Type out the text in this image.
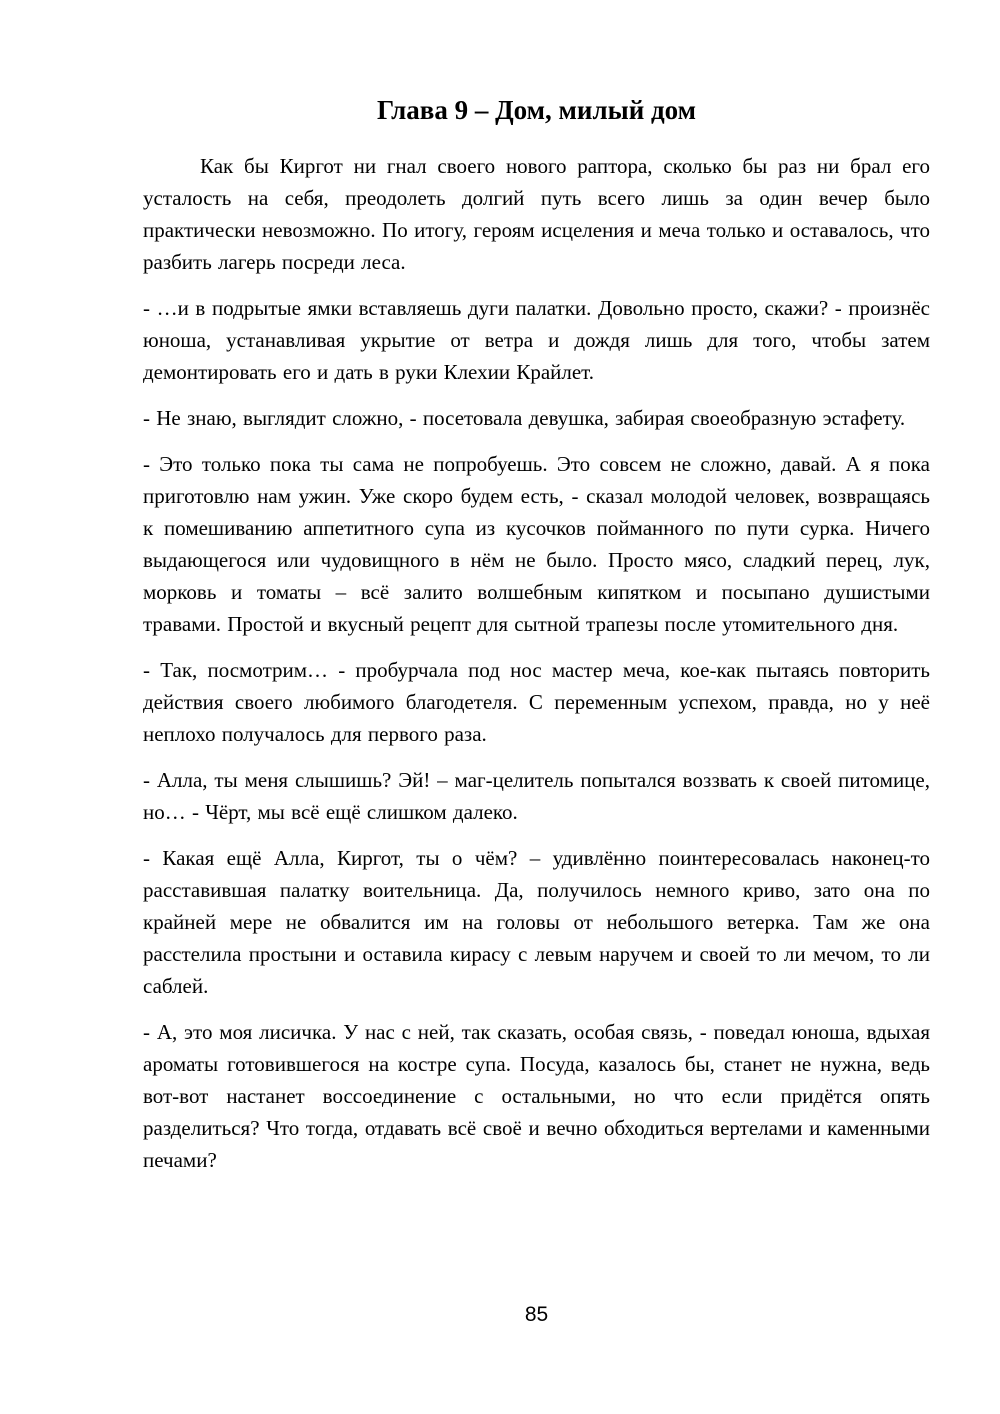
Глава 9 – Дом, милый дом

Как бы Киргот ни гнал своего нового раптора, сколько бы раз ни брал его усталость на себя, преодолеть долгий путь всего лишь за один вечер было практически невозможно. По итогу, героям исцеления и меча только и оставалось, что разбить лагерь посреди леса.

- …и в подрытые ямки вставляешь дуги палатки. Довольно просто, скажи? - произнёс юноша, устанавливая укрытие от ветра и дождя лишь для того, чтобы затем демонтировать его и дать в руки Клехии Крайлет.

- Не знаю, выглядит сложно, - посетовала девушка, забирая своеобразную эстафету.

- Это только пока ты сама не попробуешь. Это совсем не сложно, давай. А я пока приготовлю нам ужин. Уже скоро будем есть, - сказал молодой человек, возвращаясь к помешиванию аппетитного супа из кусочков пойманного по пути сурка. Ничего выдающегося или чудовищного в нём не было. Просто мясо, сладкий перец, лук, морковь и томаты – всё залито волшебным кипятком и посыпано душистыми травами. Простой и вкусный рецепт для сытной трапезы после утомительного дня.

- Так, посмотрим… - пробурчала под нос мастер меча, кое-как пытаясь повторить действия своего любимого благодетеля. С переменным успехом, правда, но у неё неплохо получалось для первого раза.

- Алла, ты меня слышишь? Эй! – маг-целитель попытался воззвать к своей питомице, но… - Чёрт, мы всё ещё слишком далеко.

- Какая ещё Алла, Киргот, ты о чём? – удивлённо поинтересовалась наконец-то расставившая палатку воительница. Да, получилось немного криво, зато она по крайней мере не обвалится им на головы от небольшого ветерка. Там же она расстелила простыни и оставила кирасу с левым наручем и своей то ли мечом, то ли саблей.

- А, это моя лисичка. У нас с ней, так сказать, особая связь, - поведал юноша, вдыхая ароматы готовившегося на костре супа. Посуда, казалось бы, станет не нужна, ведь вот-вот настанет воссоединение с остальными, но что если придётся опять разделиться? Что тогда, отдавать всё своё и вечно обходиться вертелами и каменными печами?

85
